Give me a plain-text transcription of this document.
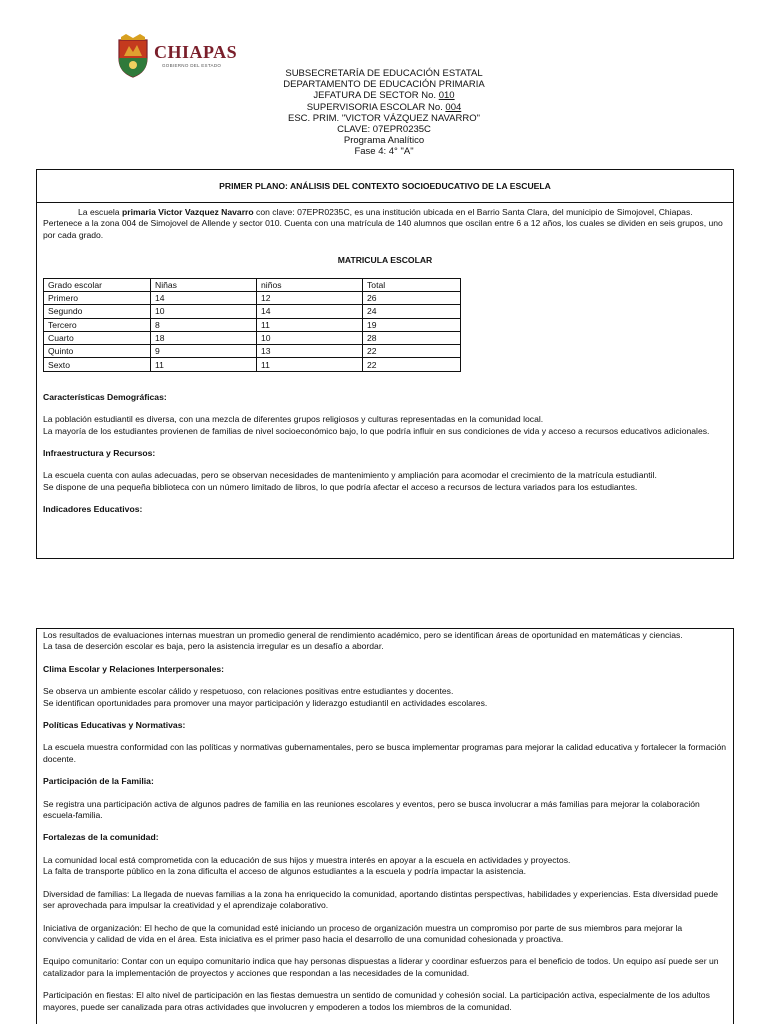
CHIAPAS
GOBIERNO DEL ESTADO
SUBSECRETARÍA DE EDUCACIÓN ESTATAL
DEPARTAMENTO DE EDUCACIÓN PRIMARIA
JEFATURA DE SECTOR No. 010
SUPERVISORIA ESCOLAR No. 004
ESC. PRIM. "VICTOR VÁZQUEZ NAVARRO"
CLAVE: 07EPR0235C
Programa Analítico
Fase 4: 4° "A"
PRIMER PLANO: ANÁLISIS DEL CONTEXTO SOCIOEDUCATIVO DE LA ESCUELA

La escuela primaria Victor Vazquez Navarro con clave: 07EPR0235C, es una institución ubicada en el Barrio Santa Clara, del municipio de Simojovel, Chiapas. Pertenece a la zona 004 de Simojovel de Allende y sector 010. Cuenta con una matrícula de 140 alumnos que oscilan entre 6 a 12 años, los cuales se dividen en seis grupos, uno por cada grado.

MATRICULA ESCOLAR

Grado escolar	Niñas	niños	Total
Primero	14	12	26
Segundo	10	14	24
Tercero	8	11	19
Cuarto	18	10	28
Quinto	9	13	22
Sexto	11	11	22

Características Demográficas:

La población estudiantil es diversa, con una mezcla de diferentes grupos religiosos y culturas representadas en la comunidad local.

La mayoría de los estudiantes provienen de familias de nivel socioeconómico bajo, lo que podría influir en sus condiciones de vida y acceso a recursos educativos adicionales.

Infraestructura y Recursos:

La escuela cuenta con aulas adecuadas, pero se observan necesidades de mantenimiento y ampliación para acomodar el crecimiento de la matrícula estudiantil.

Se dispone de una pequeña biblioteca con un número limitado de libros, lo que podría afectar el acceso a recursos de lectura variados para los estudiantes.

Indicadores Educativos:

Los resultados de evaluaciones internas muestran un promedio general de rendimiento académico, pero se identifican áreas de oportunidad en matemáticas y ciencias.

La tasa de deserción escolar es baja, pero la asistencia irregular es un desafío a abordar.

Clima Escolar y Relaciones Interpersonales:

Se observa un ambiente escolar cálido y respetuoso, con relaciones positivas entre estudiantes y docentes.

Se identifican oportunidades para promover una mayor participación y liderazgo estudiantil en actividades escolares.

Políticas Educativas y Normativas:

La escuela muestra conformidad con las políticas y normativas gubernamentales, pero se busca implementar programas para mejorar la calidad educativa y fortalecer la formación docente.

Participación de la Familia:

Se registra una participación activa de algunos padres de familia en las reuniones escolares y eventos, pero se busca involucrar a más familias para mejorar la colaboración escuela-familia.

Fortalezas de la comunidad:

La comunidad local está comprometida con la educación de sus hijos y muestra interés en apoyar a la escuela en actividades y proyectos.

La falta de transporte público en la zona dificulta el acceso de algunos estudiantes a la escuela y podría impactar la asistencia.

Diversidad de familias: La llegada de nuevas familias a la zona ha enriquecido la comunidad, aportando distintas perspectivas, habilidades y experiencias. Esta diversidad puede ser aprovechada para impulsar la creatividad y el aprendizaje colaborativo.

Iniciativa de organización: El hecho de que la comunidad esté iniciando un proceso de organización muestra un compromiso por parte de sus miembros para mejorar la convivencia y calidad de vida en el área. Esta iniciativa es el primer paso hacia el desarrollo de una comunidad cohesionada y proactiva.

Equipo comunitario: Contar con un equipo comunitario indica que hay personas dispuestas a liderar y coordinar esfuerzos para el beneficio de todos. Un equipo así puede ser un catalizador para la implementación de proyectos y acciones que respondan a las necesidades de la comunidad.

Participación en fiestas: El alto nivel de participación en las fiestas demuestra un sentido de comunidad y cohesión social. La participación activa, especialmente de los adultos mayores, puede ser canalizada para otras actividades que involucren y empoderen a todos los miembros de la comunidad.
